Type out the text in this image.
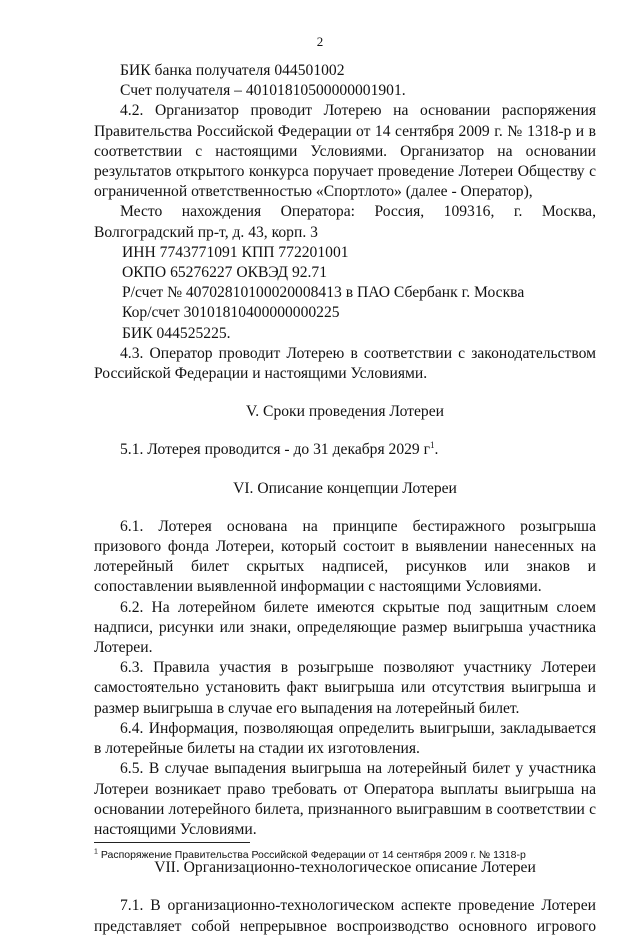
2

БИК банка получателя 044501002

Счет получателя – 40101810500000001901.

4.2. Организатор проводит Лотерею на основании распоряжения Правительства Российской Федерации от 14 сентября 2009 г. № 1318-р и в соответствии с настоящими Условиями. Организатор на основании результатов открытого конкурса поручает проведение Лотереи Обществу с ограниченной ответственностью «Спортлото» (далее - Оператор),

Место нахождения Оператора: Россия, 109316, г. Москва, Волгоградский пр-т, д. 43, корп. 3

ИНН 7743771091 КПП 772201001

ОКПО 65276227 ОКВЭД 92.71

Р/счет № 40702810100020008413 в ПАО Сбербанк г. Москва

Кор/счет 30101810400000000225

БИК 044525225.

4.3. Оператор проводит Лотерею в соответствии с законодательством Российской Федерации и настоящими Условиями.

V. Сроки проведения Лотереи

5.1. Лотерея проводится - до 31 декабря 2029 $г^1$.

VI. Описание концепции Лотереи

6.1. Лотерея основана на принципе бестиражного розыгрыша призового фонда Лотереи, который состоит в выявлении нанесенных на лотерейный билет скрытых надписей, рисунков или знаков и сопоставлении выявленной информации с настоящими Условиями.

6.2. На лотерейном билете имеются скрытые под защитным слоем надписи, рисунки или знаки, определяющие размер выигрыша участника Лотереи.

6.3. Правила участия в розыгрыше позволяют участнику Лотереи самостоятельно установить факт выигрыша или отсутствия выигрыша и размер выигрыша в случае его выпадения на лотерейный билет.

6.4. Информация, позволяющая определить выигрыши, закладывается в лотерейные билеты на стадии их изготовления.

6.5. В случае выпадения выигрыша на лотерейный билет у участника Лотереи возникает право требовать от Оператора выплаты выигрыша на основании лотерейного билета, признанного выигравшим в соответствии с настоящими Условиями.

VII. Организационно-технологическое описание Лотереи

7.1. В организационно-технологическом аспекте проведение Лотереи представляет собой непрерывное воспроизводство основного игрового

$^1$ Распоряжение Правительства Российской Федерации от 14 сентября 2009 г. № 1318-р
